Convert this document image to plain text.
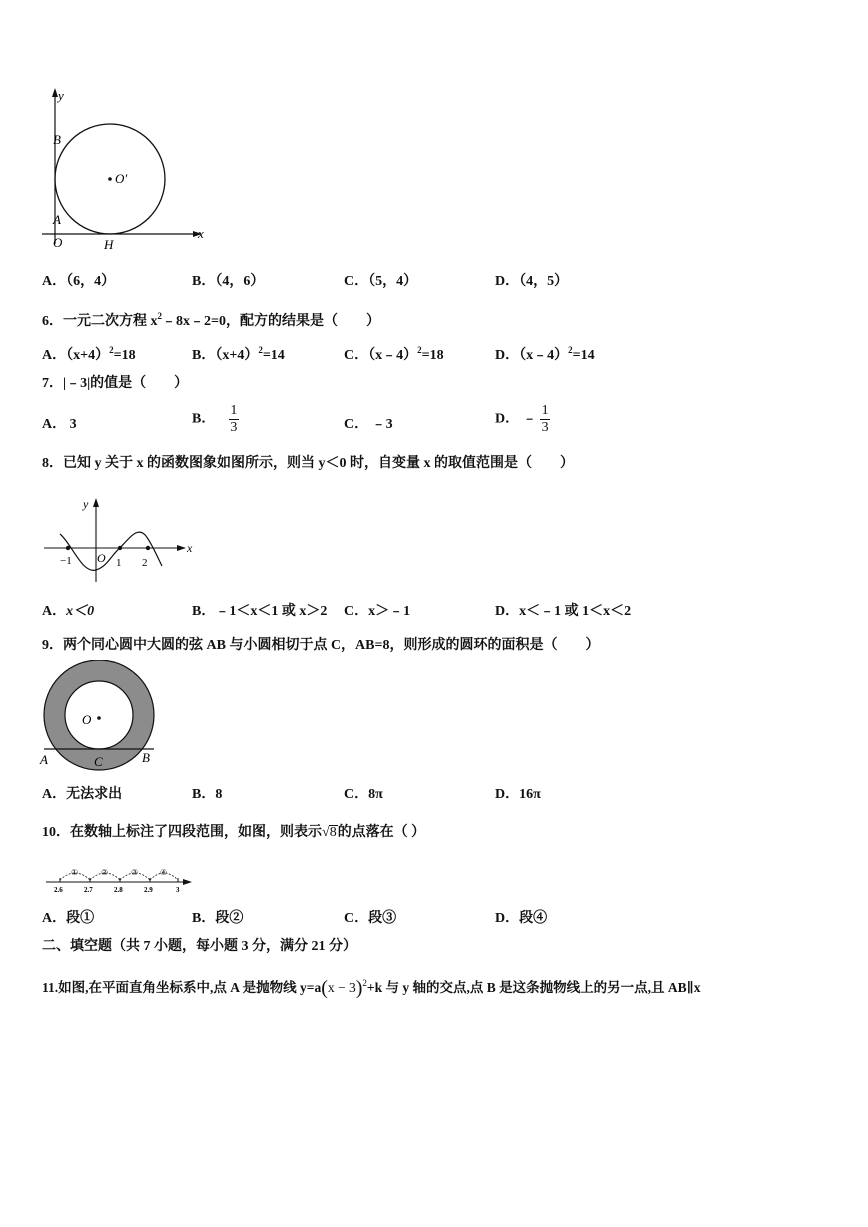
y
x
B
A
O	H
O′
A．（6，4）	B．（4，6）	C．（5，4）	D．（4，5）
6．一元二次方程 $x^2﹣8x﹣2=0$，配方的结果是（　　）
A．$(x+4)^2=18$	B．$(x+4)^2=14$	C．（x﹣4）$^2$=18	D．（x﹣4）$^2$=14
7．|﹣3|的值是（　　）
A． 3	B． $\frac{1}{3}$	C． ﹣3	D． ﹣ $\frac{1}{3}$
8．已知 y 关于 x 的函数图象如图所示，则当 y＜0 时，自变量 x 的取值范围是（　　）
y
x
−1 O 1 2
A．x＜0	B．﹣1＜x＜1 或 x＞2 C．x＞﹣1	D．x＜﹣1 或 1＜x＜2
9．两个同心圆中大圆的弦 AB 与小圆相切于点 C，AB=8，则形成的圆环的面积是（　　）
O
A	C	B
A．无法求出	B．8	C．8π	D．16π
10．在数轴上标注了四段范围，如图，则表示√8的点落在（ ）
①	②	③	④
2.6	2.7	2.8	2.9	3
A．段①	B．段②	C．段③	D．段④
二、填空题（共 7 小题，每小题 3 分，满分 21 分）
11.如图,在平面直角坐标系中,点 A 是抛物线 $y=a(x - 3)^2+k$ 与 y 轴的交点,点 B 是这条抛物线上的另一点,且 AB∥x
